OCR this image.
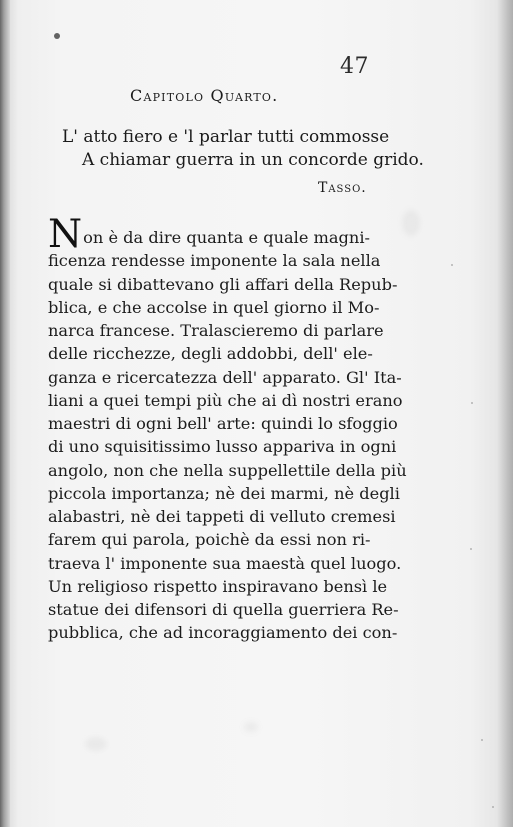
47
Capitolo Quarto.
L' atto fiero e 'l parlar tutti commosse
A chiamar guerra in un concorde grido.
Tasso.
Non è da dire quanta e quale magni-
ficenza rendesse imponente la sala nella
quale si dibattevano gli affari della Repub-
blica, e che accolse in quel giorno il Mo-
narca francese. Tralascieremo di parlare
delle ricchezze, degli addobbi, dell' ele-
ganza e ricercatezza dell' apparato. Gl' Ita-
liani a quei tempi più che ai dì nostri erano
maestri di ogni bell' arte: quindi lo sfoggio
di uno squisitissimo lusso appariva in ogni
angolo, non che nella suppellettile della più
piccola importanza; nè dei marmi, nè degli
alabastri, nè dei tappeti di velluto cremesi
farem qui parola, poichè da essi non ri-
traeva l' imponente sua maestà quel luogo.
Un religioso rispetto inspiravano bensì le
statue dei difensori di quella guerriera Re-
pubblica, che ad incoraggiamento dei con-
